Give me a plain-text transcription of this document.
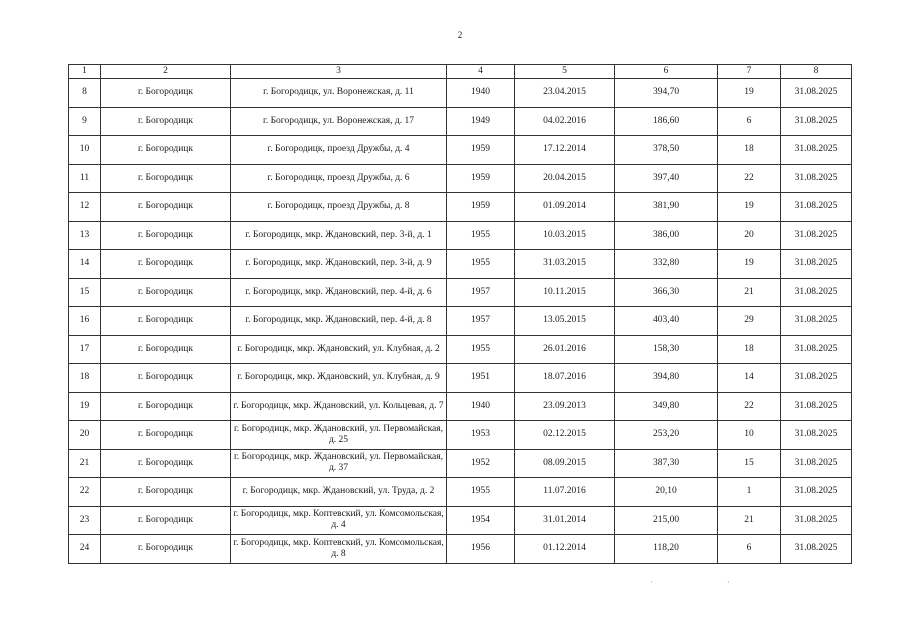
2
1	2	3	4	5	6	7	8
8	г. Богородицк	г. Богородицк, ул. Воронежская, д. 11	1940	23.04.2015	394,70	19	31.08.2025
9	г. Богородицк	г. Богородицк, ул. Воронежская, д. 17	1949	04.02.2016	186,60	6	31.08.2025
10	г. Богородицк	г. Богородицк, проезд Дружбы, д. 4	1959	17.12.2014	378,50	18	31.08.2025
11	г. Богородицк	г. Богородицк, проезд Дружбы, д. 6	1959	20.04.2015	397,40	22	31.08.2025
12	г. Богородицк	г. Богородицк, проезд Дружбы, д. 8	1959	01.09.2014	381,90	19	31.08.2025
13	г. Богородицк	г. Богородицк, мкр. Ждановский, пер. 3-й, д. 1	1955	10.03.2015	386,00	20	31.08.2025
14	г. Богородицк	г. Богородицк, мкр. Ждановский, пер. 3-й, д. 9	1955	31.03.2015	332,80	19	31.08.2025
15	г. Богородицк	г. Богородицк, мкр. Ждановский, пер. 4-й, д. 6	1957	10.11.2015	366,30	21	31.08.2025
16	г. Богородицк	г. Богородицк, мкр. Ждановский, пер. 4-й, д. 8	1957	13.05.2015	403,40	29	31.08.2025
17	г. Богородицк	г. Богородицк, мкр. Ждановский, ул. Клубная, д. 2	1955	26.01.2016	158,30	18	31.08.2025
18	г. Богородицк	г. Богородицк, мкр. Ждановский, ул. Клубная, д. 9	1951	18.07.2016	394,80	14	31.08.2025
19	г. Богородицк	г. Богородицк, мкр. Ждановский, ул. Кольцевая, д. 7	1940	23.09.2013	349,80	22	31.08.2025
20	г. Богородицк	г. Богородицк, мкр. Ждановский, ул. Первомайская, д. 25	1953	02.12.2015	253,20	10	31.08.2025
21	г. Богородицк	г. Богородицк, мкр. Ждановский, ул. Первомайская, д. 37	1952	08.09.2015	387,30	15	31.08.2025
22	г. Богородицк	г. Богородицк, мкр. Ждановский, ул. Труда, д. 2	1955	11.07.2016	20,10	1	31.08.2025
23	г. Богородицк	г. Богородицк, мкр. Коптевский, ул. Комсомольская, д. 4	1954	31.01.2014	215,00	21	31.08.2025
24	г. Богородицк	г. Богородицк, мкр. Коптевский, ул. Комсомольская, д. 8	1956	01.12.2014	118,20	6	31.08.2025
·	·
